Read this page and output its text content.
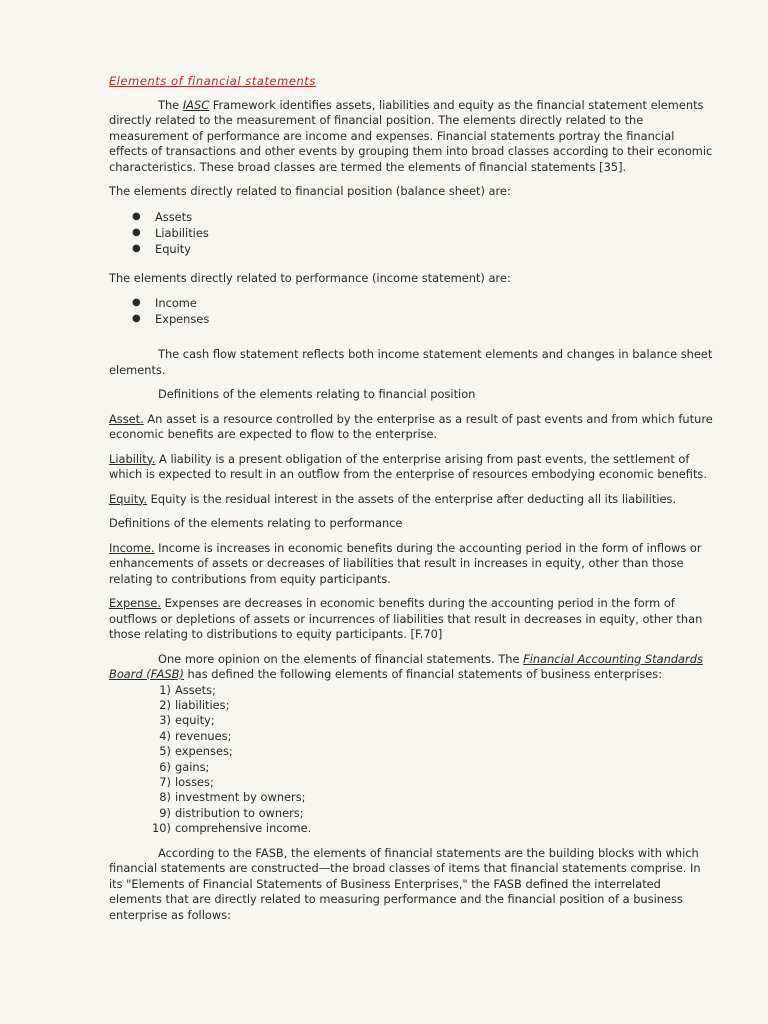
Elements of financial statements

The IASC Framework identifies assets, liabilities and equity as the financial statement elements directly related to the measurement of financial position. The elements directly related to the measurement of performance are income and expenses. Financial statements portray the financial effects of transactions and other events by grouping them into broad classes according to their economic characteristics. These broad classes are termed the elements of financial statements [35].

The elements directly related to financial position (balance sheet) are:

● Assets
● Liabilities
● Equity

The elements directly related to performance (income statement) are:

● Income
● Expenses

The cash flow statement reflects both income statement elements and changes in balance sheet elements.

Definitions of the elements relating to financial position

Asset. An asset is a resource controlled by the enterprise as a result of past events and from which future economic benefits are expected to flow to the enterprise.

Liability. A liability is a present obligation of the enterprise arising from past events, the settlement of which is expected to result in an outflow from the enterprise of resources embodying economic benefits.

Equity. Equity is the residual interest in the assets of the enterprise after deducting all its liabilities.

Definitions of the elements relating to performance

Income. Income is increases in economic benefits during the accounting period in the form of inflows or enhancements of assets or decreases of liabilities that result in increases in equity, other than those relating to contributions from equity participants.

Expense. Expenses are decreases in economic benefits during the accounting period in the form of outflows or depletions of assets or incurrences of liabilities that result in decreases in equity, other than those relating to distributions to equity participants. [F.70]

One more opinion on the elements of financial statements. The Financial Accounting Standards Board (FASB) has defined the following elements of financial statements of business enterprises:

1) Assets;
2) liabilities;
3) equity;
4) revenues;
5) expenses;
6) gains;
7) losses;
8) investment by owners;
9) distribution to owners;
10) comprehensive income.

According to the FASB, the elements of financial statements are the building blocks with which financial statements are constructed—the broad classes of items that financial statements comprise. In its "Elements of Financial Statements of Business Enterprises," the FASB defined the interrelated elements that are directly related to measuring performance and the financial position of a business enterprise as follows:
